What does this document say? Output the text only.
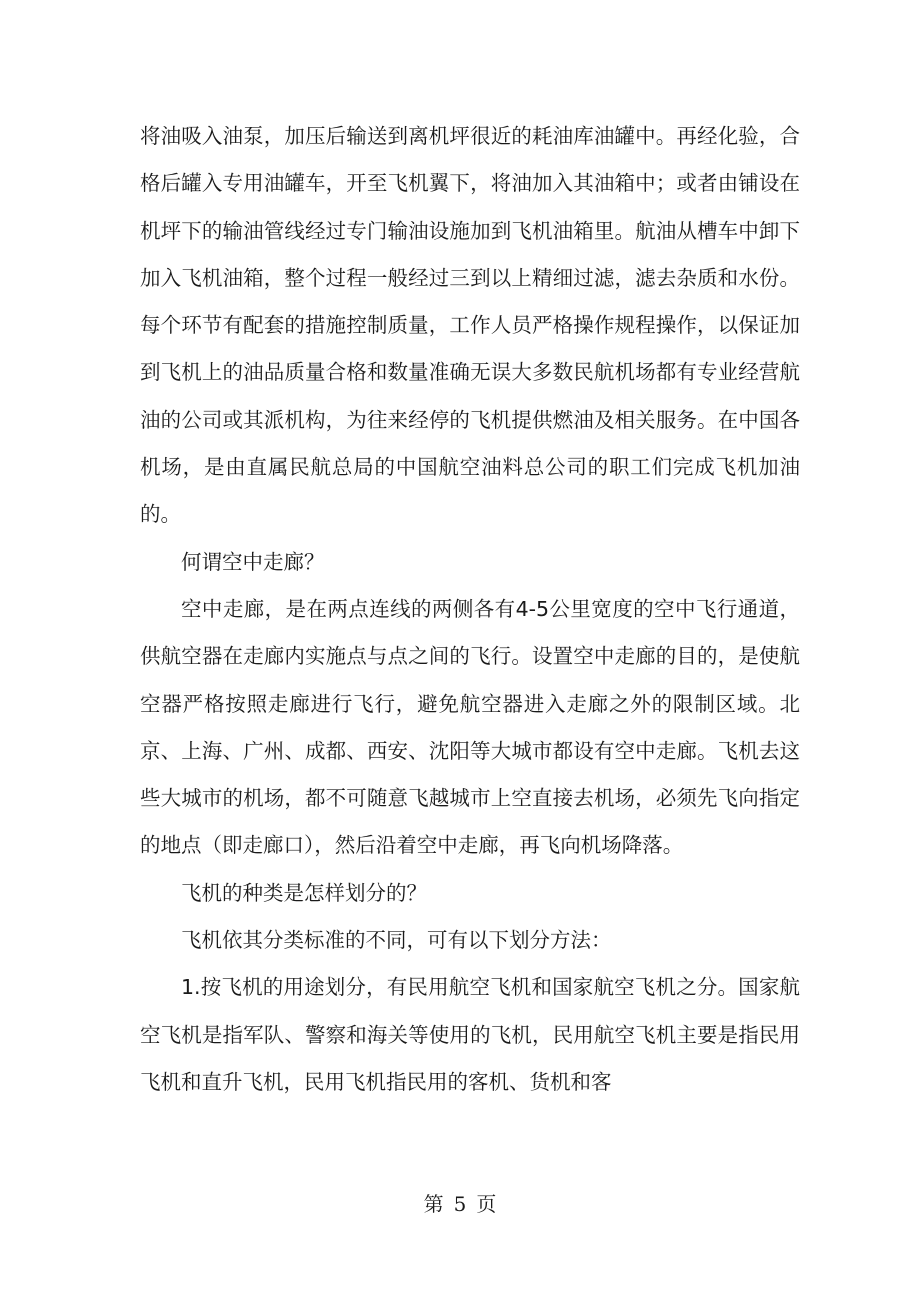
将油吸入油泵，加压后输送到离机坪很近的耗油库油罐中。再经化验，合格后罐入专用油罐车，开至飞机翼下，将油加入其油箱中；或者由铺设在机坪下的输油管线经过专门输油设施加到飞机油箱里。航油从槽车中卸下加入飞机油箱，整个过程一般经过三到以上精细过滤，滤去杂质和水份。每个环节有配套的措施控制质量，工作人员严格操作规程操作，以保证加到飞机上的油品质量合格和数量准确无误大多数民航机场都有专业经营航油的公司或其派机构，为往来经停的飞机提供燃油及相关服务。在中国各机场，是由直属民航总局的中国航空油料总公司的职工们完成飞机加油的。

何谓空中走廊？

空中走廊，是在两点连线的两侧各有4-5公里宽度的空中飞行通道，供航空器在走廊内实施点与点之间的飞行。设置空中走廊的目的，是使航空器严格按照走廊进行飞行，避免航空器进入走廊之外的限制区域。北京、上海、广州、成都、西安、沈阳等大城市都设有空中走廊。飞机去这些大城市的机场，都不可随意飞越城市上空直接去机场，必须先飞向指定的地点（即走廊口），然后沿着空中走廊，再飞向机场降落。

飞机的种类是怎样划分的？

飞机依其分类标准的不同，可有以下划分方法：

1.按飞机的用途划分，有民用航空飞机和国家航空飞机之分。国家航空飞机是指军队、警察和海关等使用的飞机，民用航空飞机主要是指民用飞机和直升飞机，民用飞机指民用的客机、货机和客

第 5 页
